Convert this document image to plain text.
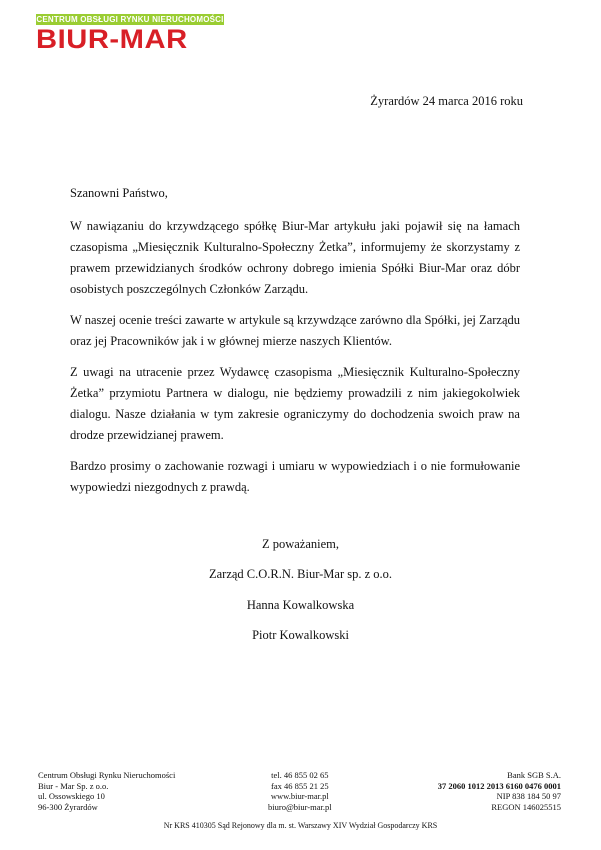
CENTRUM OBSŁUGI RYNKU NIERUCHOMOŚCI
BIUR-MAR
Żyrardów 24 marca 2016 roku
Szanowni Państwo,

W nawiązaniu do krzywdzącego spółkę Biur-Mar artykułu jaki pojawił się na łamach czasopisma „Miesięcznik Kulturalno-Społeczny Żetka”, informujemy że skorzystamy z prawem przewidzianych środków ochrony dobrego imienia Spółki Biur-Mar oraz dóbr osobistych poszczególnych Członków Zarządu.

W naszej ocenie treści zawarte w artykule są krzywdzące zarówno dla Spółki, jej Zarządu oraz jej Pracowników jak i w głównej mierze naszych Klientów.

Z uwagi na utracenie przez Wydawcę czasopisma „Miesięcznik Kulturalno-Społeczny Żetka” przymiotu Partnera w dialogu, nie będziemy prowadzili z nim jakiegokolwiek dialogu. Nasze działania w tym zakresie ograniczymy do dochodzenia swoich praw na drodze przewidzianej prawem.

Bardzo prosimy o zachowanie rozwagi i umiaru w wypowiedziach i o nie formułowanie wypowiedzi niezgodnych z prawdą.

Z poważaniem,
Zarząd C.O.R.N. Biur-Mar sp. z o.o.
Hanna Kowalkowska
Piotr Kowalkowski
Centrum Obsługi Rynku Nieruchomości
Biur - Mar Sp. z o.o.
ul. Ossowskiego 10
96-300 Żyrardów
tel. 46 855 02 65
fax 46 855 21 25
www.biur-mar.pl
biuro@biur-mar.pl
Bank SGB S.A.
37 2060 1012 2013 6160 0476 0001
NIP 838 184 50 97
REGON 146025515
Nr KRS 410305 Sąd Rejonowy dla m. st. Warszawy XIV Wydział Gospodarczy KRS
